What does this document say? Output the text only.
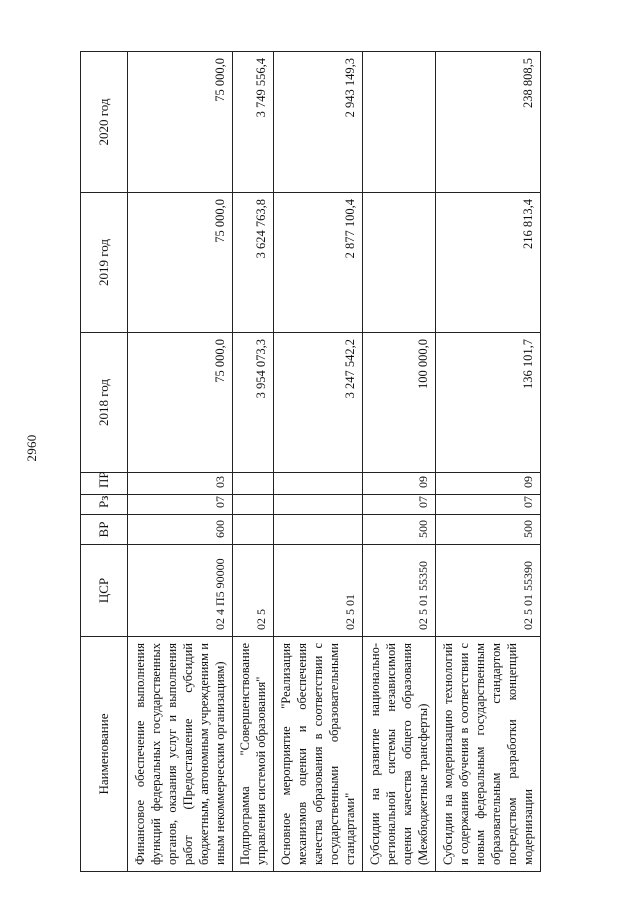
2960
Наименование	ЦСР	ВР	Рз	ПР	2018 год	2019 год	2020 год
Финансовое обеспечение выполнения функций федеральных государственных органов, оказания услуг и выполнения работ (Предоставление субсидий бюджетным, автономным учреждениям и иным некоммерческим организациям)	02 4 П5 90000	600	07	03	75 000,0	75 000,0	75 000,0
Подпрограмма "Совершенствование управления системой образования"	02 5				3 954 073,3	3 624 763,8	3 749 556,4
Основное мероприятие "Реализация механизмов оценки и обеспечения качества образования в соответствии с государственными образовательными стандартами"	02 5 01				3 247 542,2	2 877 100,4	2 943 149,3
Субсидии на развитие национально-региональной системы независимой оценки качества общего образования (Межбюджетные трансферты)	02 5 01 55350	500	07	09	100 000,0		
Субсидии на модернизацию технологий и содержания обучения в соответствии с новым федеральным государственным образовательным стандартом посредством разработки концепций модернизации	02 5 01 55390	500	07	09	136 101,7	216 813,4	238 808,5
